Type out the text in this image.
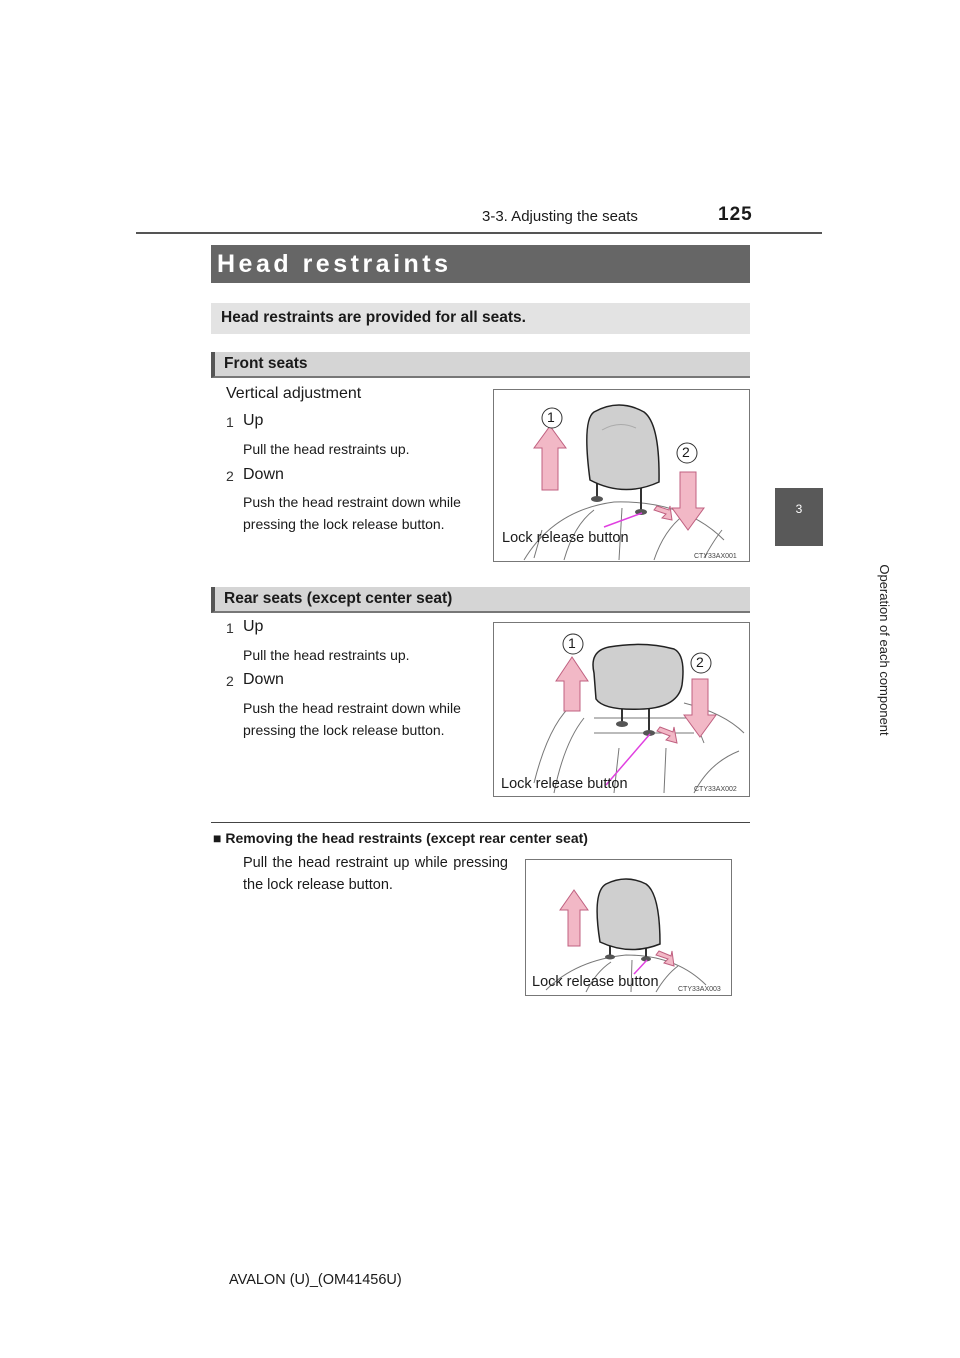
3-3. Adjusting the seats	125
3
Operation of each component
Head restraints
Head restraints are provided for all seats.
Front seats
Vertical adjustment
1 Up
Pull the head restraints up.
2 Down
Push the head restraint down while
pressing the lock release button.
1
2
Lock release button
CTY33AX001
Rear seats (except center seat)
1 Up
Pull the head restraints up.
2 Down
Push the head restraint down while
pressing the lock release button.
1
2
Lock release button	CTY33AX002
■ Removing the head restraints (except rear center seat)
Pull the head restraint up while pressing the lock release button.
Lock release button	CTY33AX003
AVALON (U)_(OM41456U)
